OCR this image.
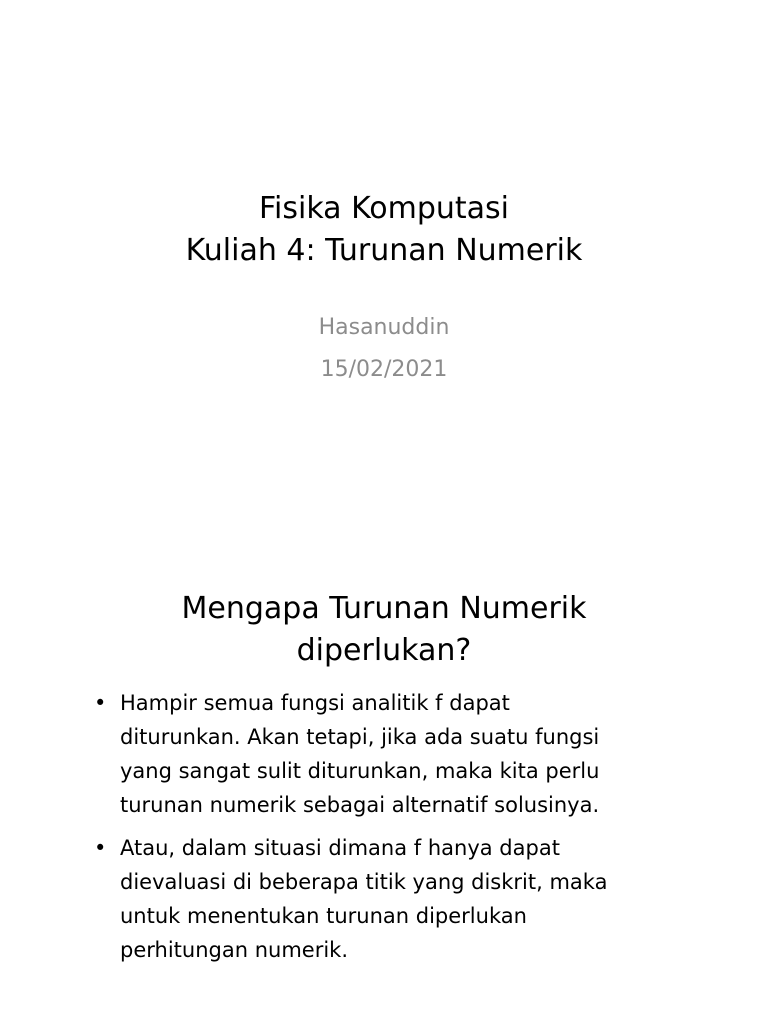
Fisika Komputasi
Kuliah 4: Turunan Numerik
Hasanuddin
15/02/2021
Mengapa Turunan Numerik
diperlukan?
• Hampir semua fungsi analitik f dapat
diturunkan. Akan tetapi, jika ada suatu fungsi
yang sangat sulit diturunkan, maka kita perlu
turunan numerik sebagai alternatif solusinya.
• Atau, dalam situasi dimana f hanya dapat
dievaluasi di beberapa titik yang diskrit, maka
untuk menentukan turunan diperlukan
perhitungan numerik.
